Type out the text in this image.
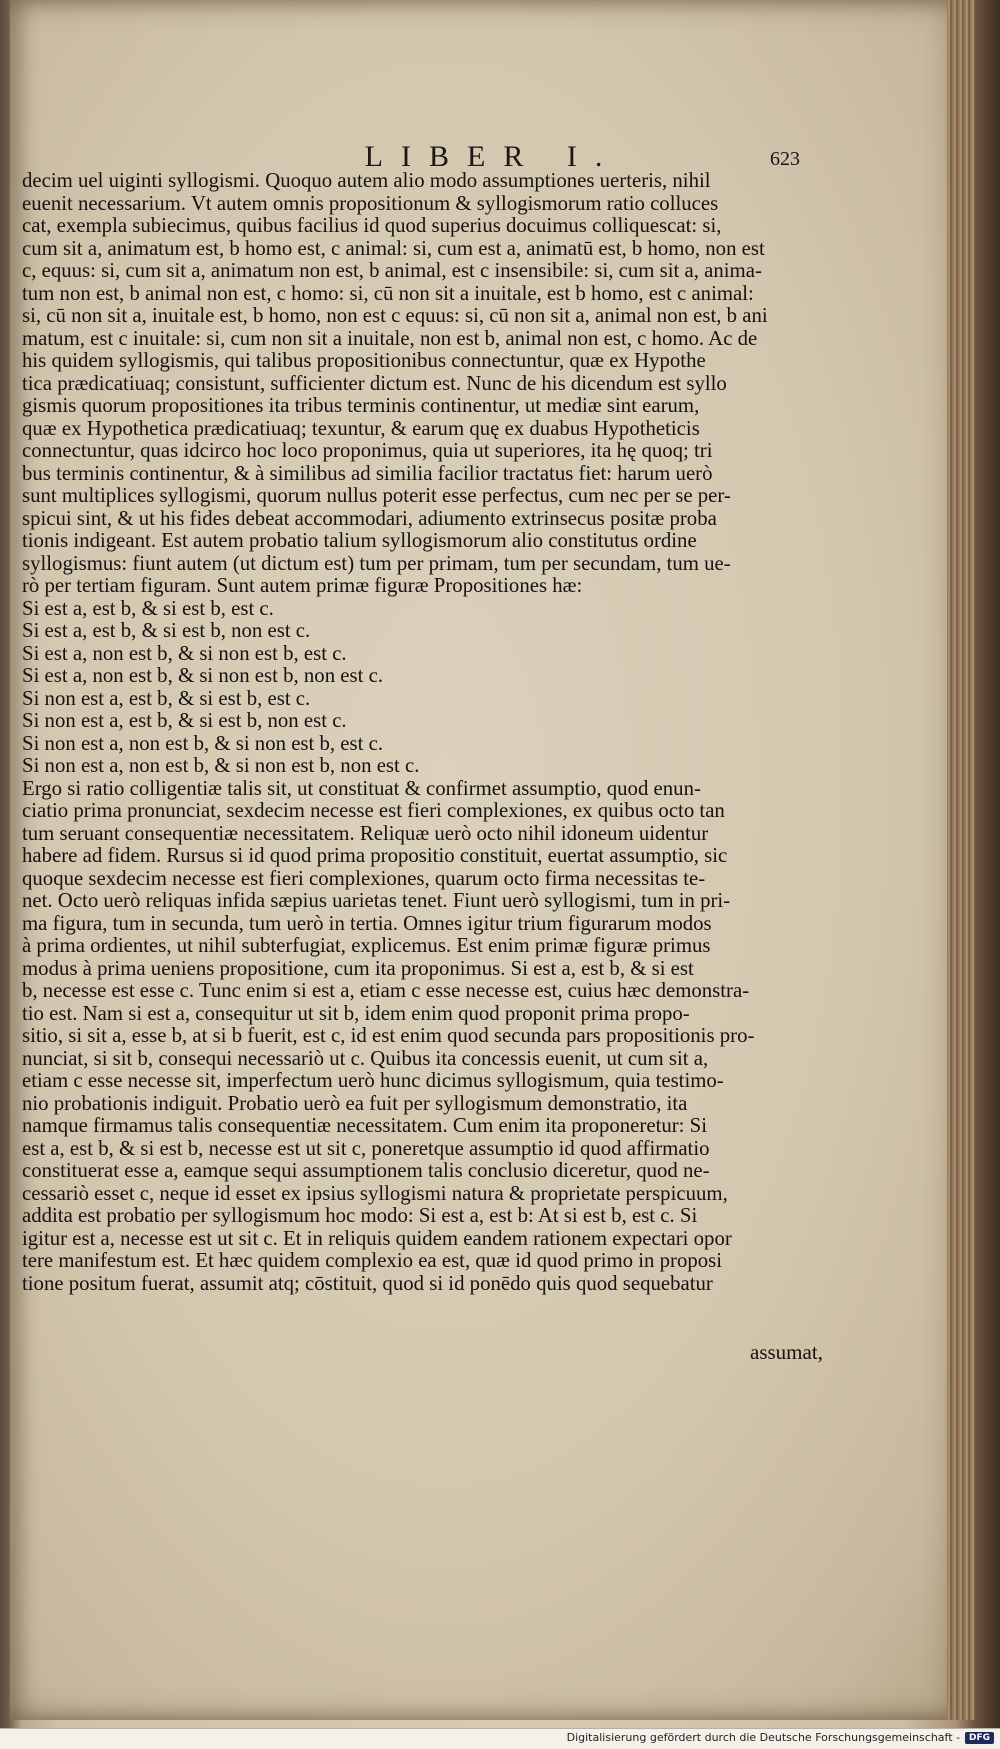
LIBER I.	623
decim uel uiginti syllogismi. Quoquo autem alio modo assumptiones uerteris, nihil
euenit necessarium. Vt autem omnis propositionum & syllogismorum ratio colluces
cat, exempla subiecimus, quibus facilius id quod superius docuimus colliquescat: si,
cum sit a, animatum est, b homo est, c animal: si, cum est a, animatū est, b homo, non est
c, equus: si, cum sit a, animatum non est, b animal, est c insensibile: si, cum sit a, anima-
tum non est, b animal non est, c homo: si, cū non sit a inuitale, est b homo, est c animal:
si, cū non sit a, inuitale est, b homo, non est c equus: si, cū non sit a, animal non est, b ani
matum, est c inuitale: si, cum non sit a inuitale, non est b, animal non est, c homo. Ac de
his quidem syllogismis, qui talibus propositionibus connectuntur, quæ ex Hypothe
tica prædicatiuaq; consistunt, sufficienter dictum est. Nunc de his dicendum est syllo
gismis quorum propositiones ita tribus terminis continentur, ut mediæ sint earum,
quæ ex Hypothetica prædicatiuaq; texuntur, & earum quę ex duabus Hypotheticis
connectuntur, quas idcirco hoc loco proponimus, quia ut superiores, ita hę quoq; tri
bus terminis continentur, & à similibus ad similia facilior tractatus fiet: harum uerò
sunt multiplices syllogismi, quorum nullus poterit esse perfectus, cum nec per se per-
spicui sint, & ut his fides debeat accommodari, adiumento extrinsecus positæ proba
tionis indigeant. Est autem probatio talium syllogismorum alio constitutus ordine
syllogismus: fiunt autem (ut dictum est) tum per primam, tum per secundam, tum ue-
rò per tertiam figuram. Sunt autem primæ figuræ Propositiones hæ:
Si est a, est b, & si est b, est c.
Si est a, est b, & si est b, non est c.
Si est a, non est b, & si non est b, est c.
Si est a, non est b, & si non est b, non est c.
Si non est a, est b, & si est b, est c.
Si non est a, est b, & si est b, non est c.
Si non est a, non est b, & si non est b, est c.
Si non est a, non est b, & si non est b, non est c.
Ergo si ratio colligentiæ talis sit, ut constituat & confirmet assumptio, quod enun-
ciatio prima pronunciat, sexdecim necesse est fieri complexiones, ex quibus octo tan
tum seruant consequentiæ necessitatem. Reliquæ uerò octo nihil idoneum uidentur
habere ad fidem. Rursus si id quod prima propositio constituit, euertat assumptio, sic
quoque sexdecim necesse est fieri complexiones, quarum octo firma necessitas te-
net. Octo uerò reliquas infida sæpius uarietas tenet. Fiunt uerò syllogismi, tum in pri-
ma figura, tum in secunda, tum uerò in tertia. Omnes igitur trium figurarum modos
à prima ordientes, ut nihil subterfugiat, explicemus. Est enim primæ figuræ primus
modus à prima ueniens propositione, cum ita proponimus. Si est a, est b, & si est
b, necesse est esse c. Tunc enim si est a, etiam c esse necesse est, cuius hæc demonstra-
tio est. Nam si est a, consequitur ut sit b, idem enim quod proponit prima propo-
sitio, si sit a, esse b, at si b fuerit, est c, id est enim quod secunda pars propositionis pro-
nunciat, si sit b, consequi necessariò ut c. Quibus ita concessis euenit, ut cum sit a,
etiam c esse necesse sit, imperfectum uerò hunc dicimus syllogismum, quia testimo-
nio probationis indiguit. Probatio uerò ea fuit per syllogismum demonstratio, ita
namque firmamus talis consequentiæ necessitatem. Cum enim ita proponeretur: Si
est a, est b, & si est b, necesse est ut sit c, poneretque assumptio id quod affirmatio
constituerat esse a, eamque sequi assumptionem talis conclusio diceretur, quod ne-
cessariò esset c, neque id esset ex ipsius syllogismi natura & proprietate perspicuum,
addita est probatio per syllogismum hoc modo: Si est a, est b: At si est b, est c. Si
igitur est a, necesse est ut sit c. Et in reliquis quidem eandem rationem expectari opor
tere manifestum est. Et hæc quidem complexio ea est, quæ id quod primo in proposi
tione positum fuerat, assumit atq; cōstituit, quod si id ponēdo quis quod sequebatur
assumat,
Digitalisierung gefördert durch die Deutsche Forschungsgemeinschaft - DFG
